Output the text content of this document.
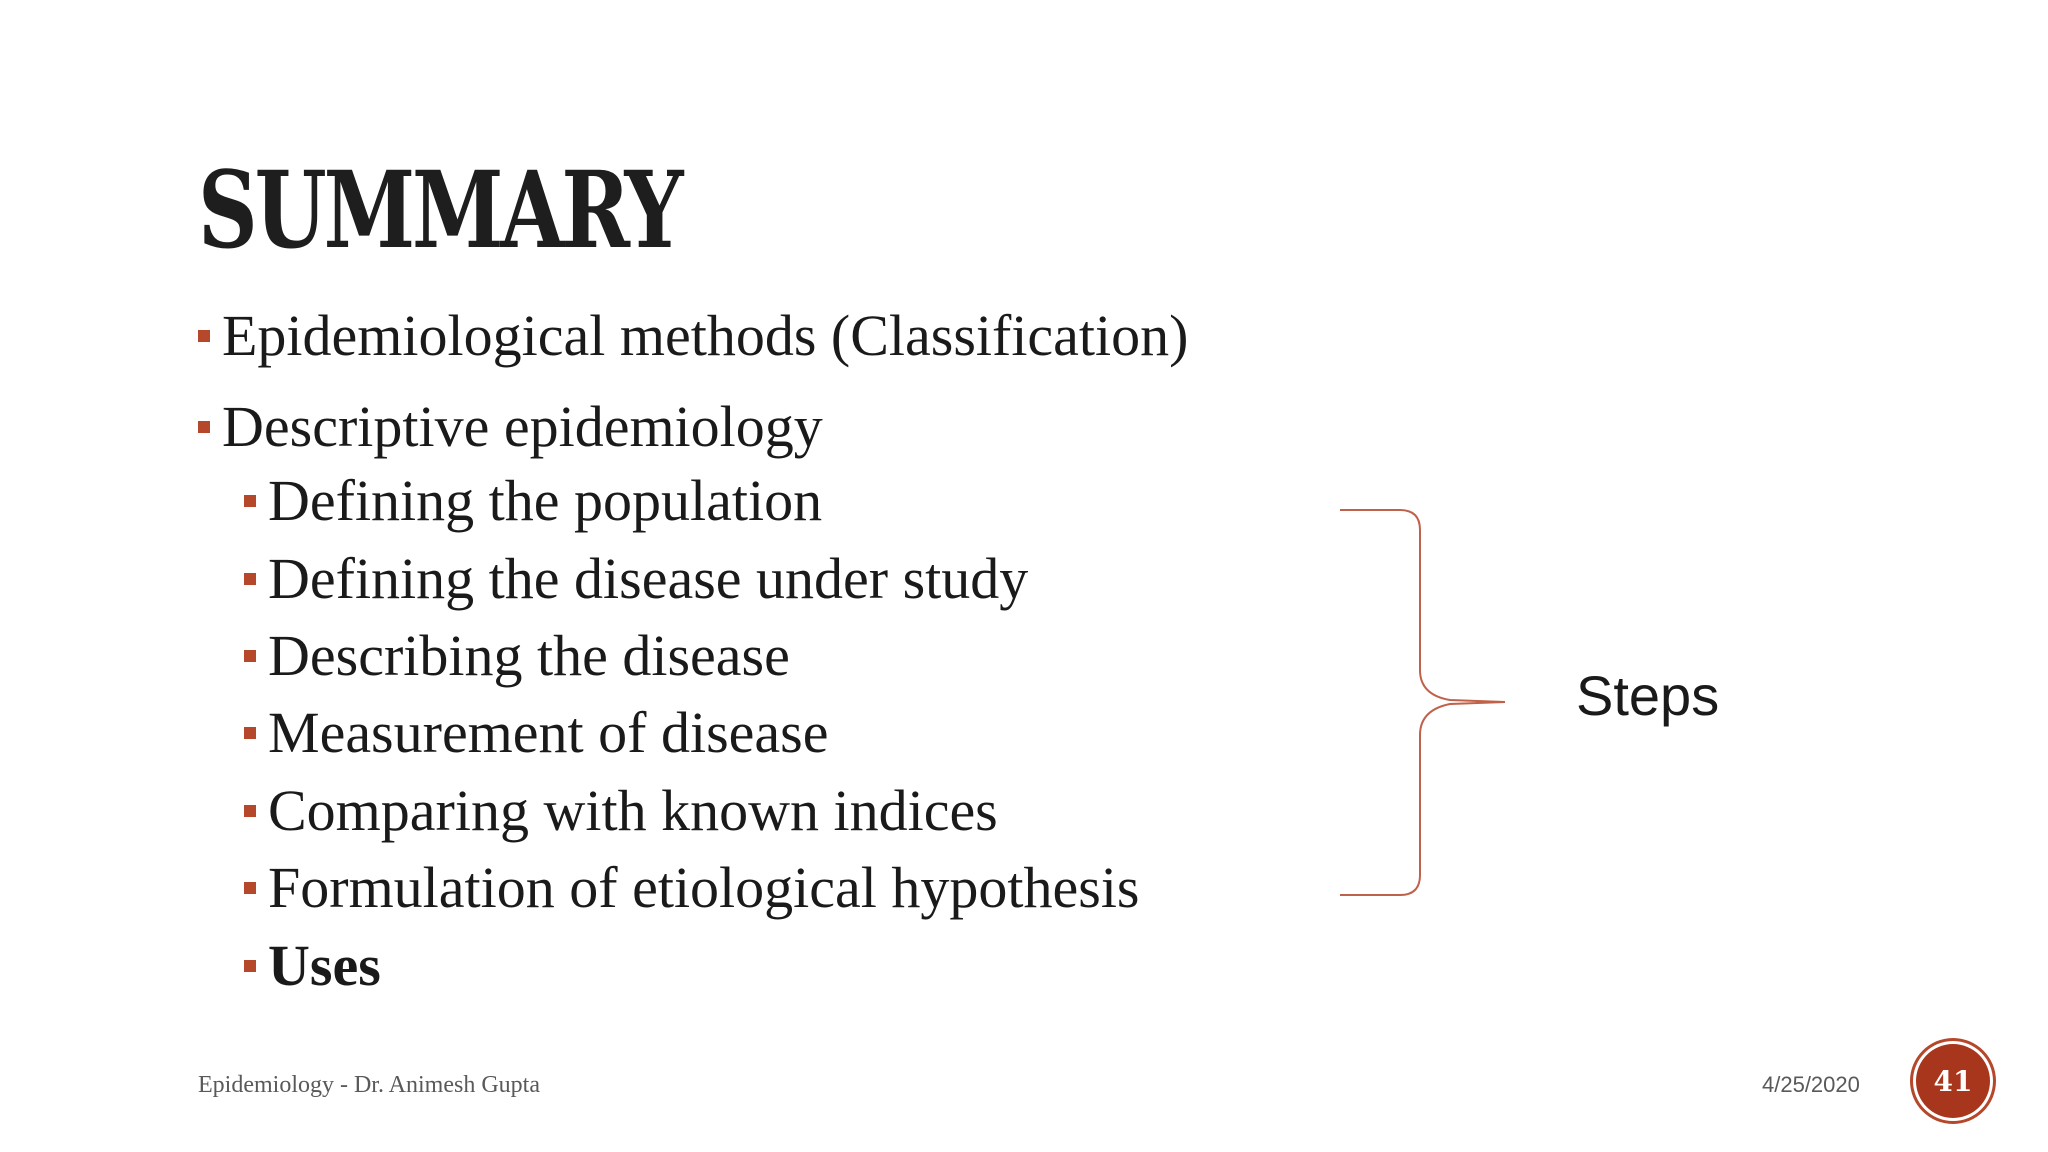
SUMMARY
Epidemiological methods (Classification)
Descriptive epidemiology
Defining the population
Defining the disease under study
Describing the disease
Measurement of disease
Comparing with known indices
Formulation of etiological hypothesis
Uses
Steps
Epidemiology - Dr. Animesh Gupta	4/25/2020	41
